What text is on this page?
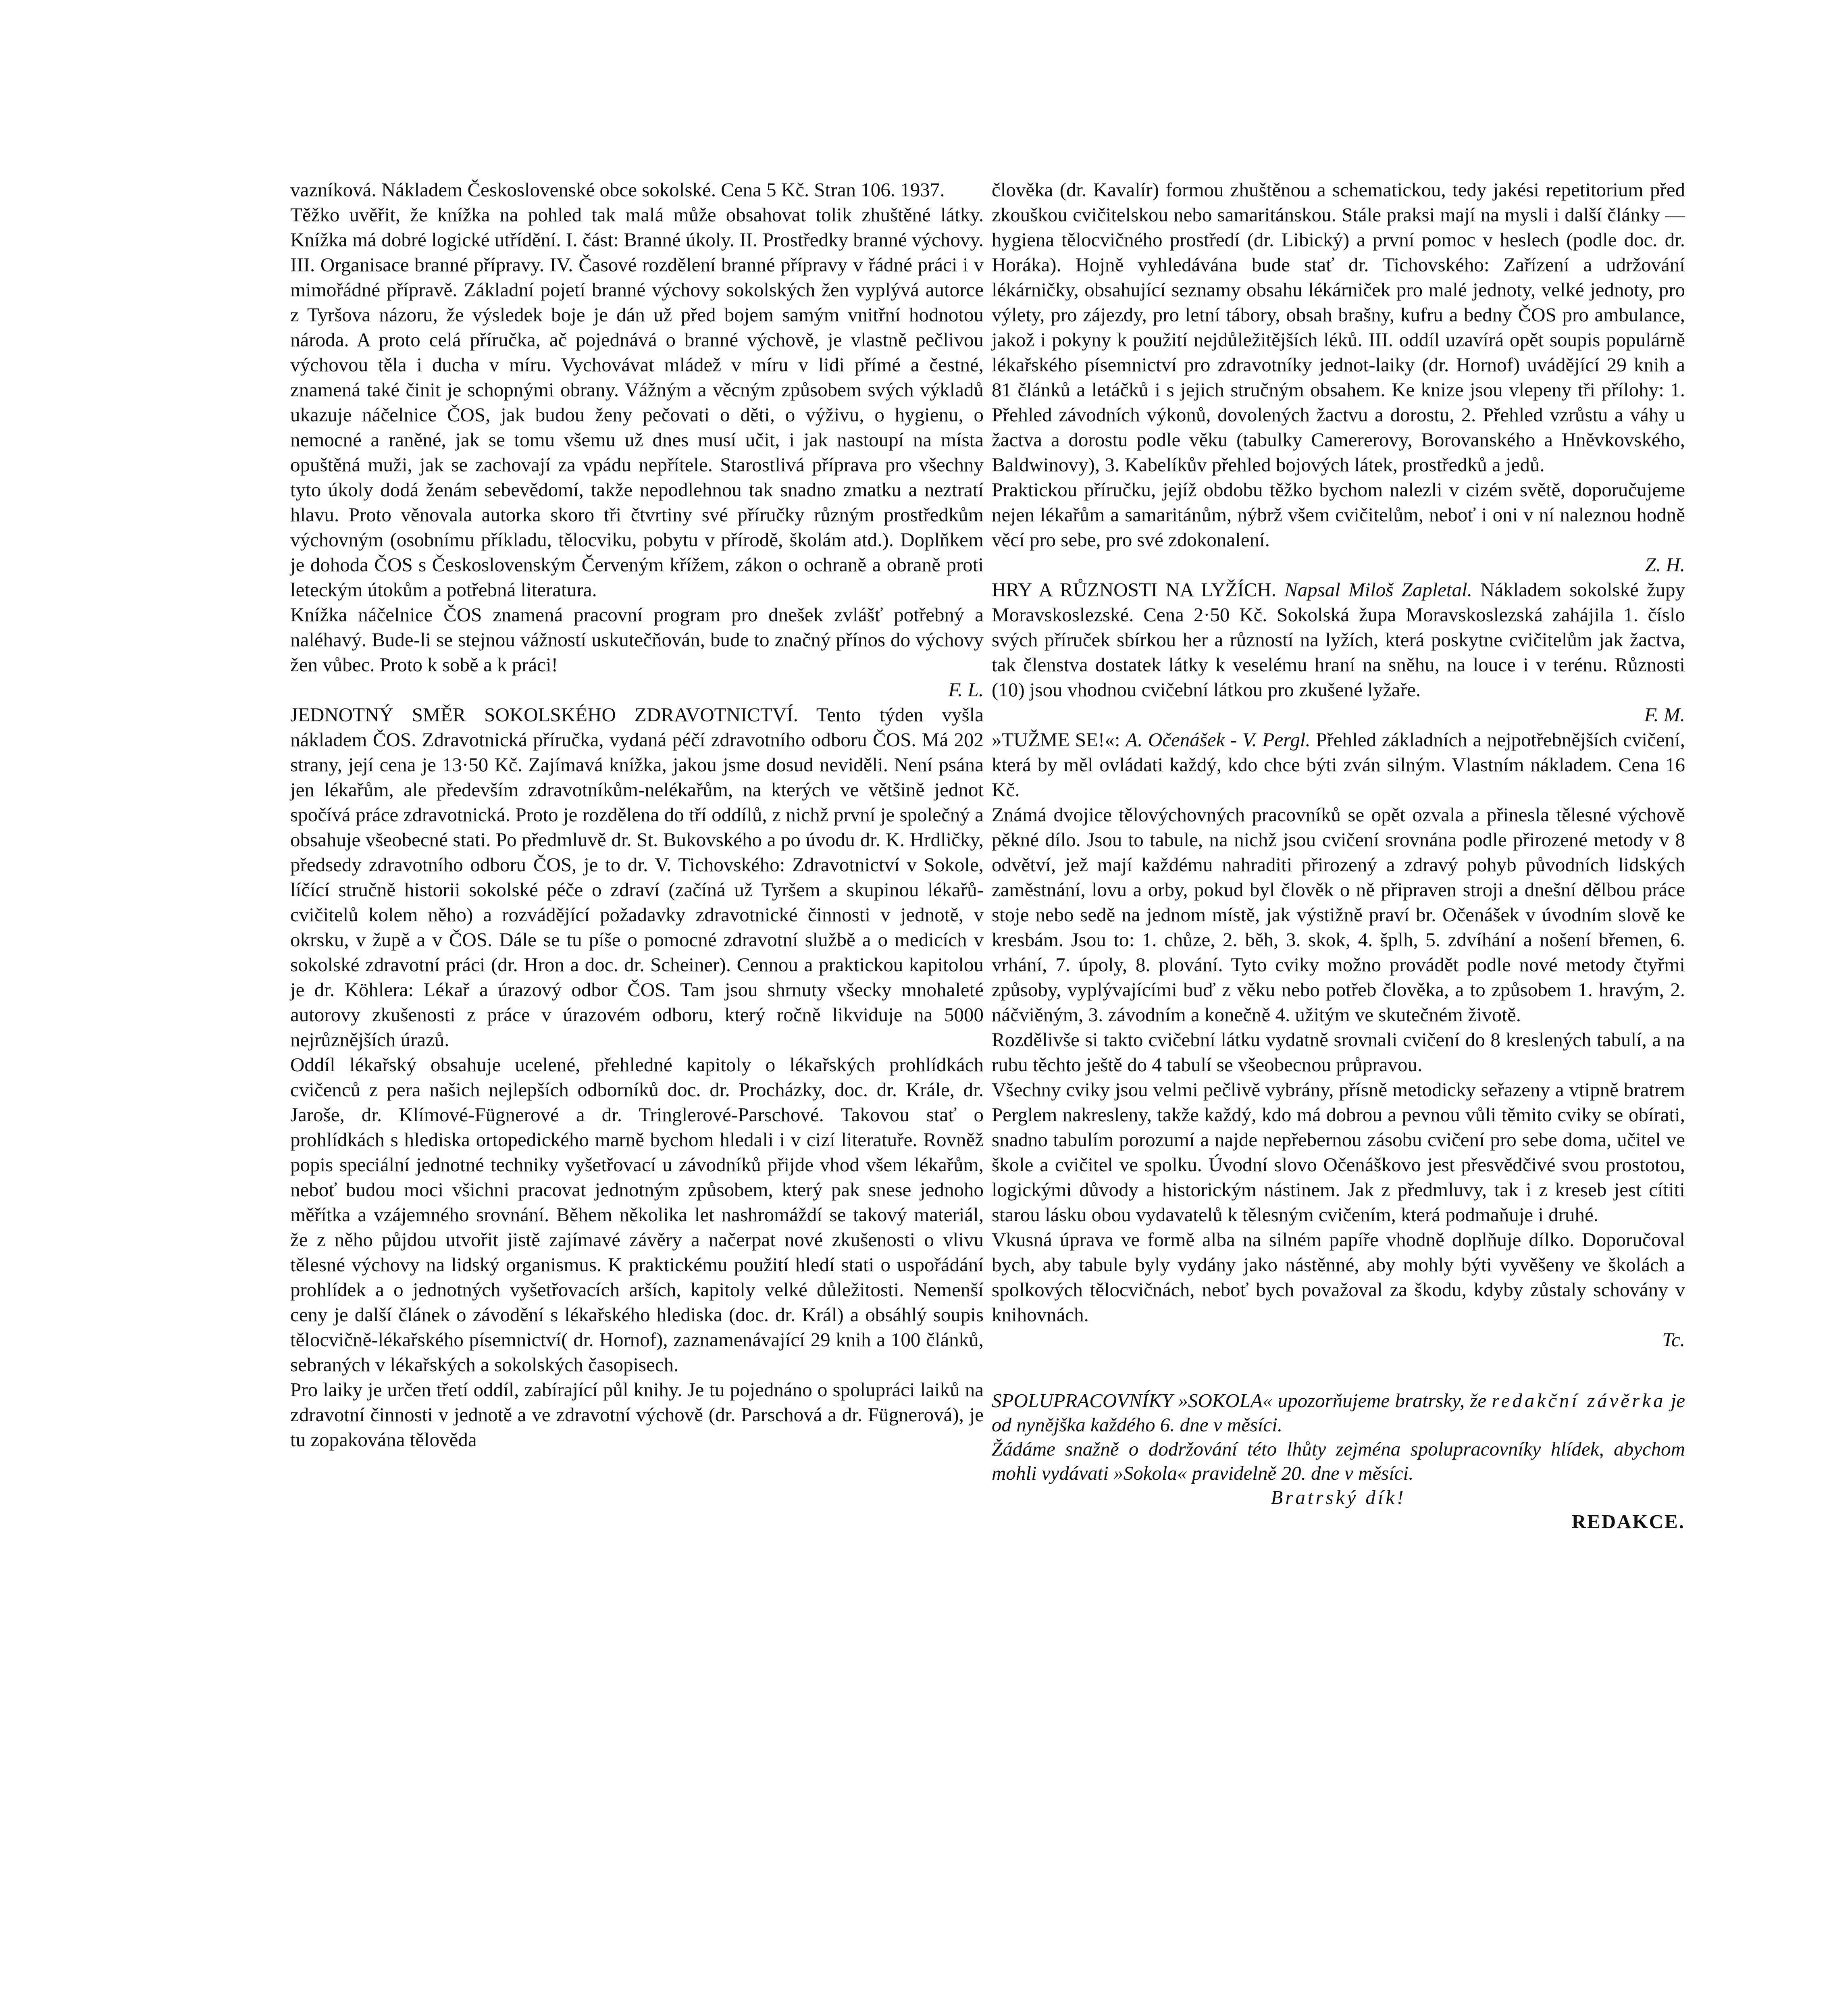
vazníková. Nákladem Československé obce sokolské. Cena 5 Kč. Stran 106. 1937.

Těžko uvěřit, že knížka na pohled tak malá může obsahovat tolik zhuštěné látky. Knížka má dobré logické utřídění. I. část: Branné úkoly. II. Prostředky branné výchovy. III. Organisace branné přípravy. IV. Časové rozdělení branné přípravy v řádné práci i v mimořádné přípravě. Základní pojetí branné výchovy sokolských žen vyplývá autorce z Tyršova názoru, že výsledek boje je dán už před bojem samým vnitřní hodnotou národa. A proto celá příručka, ač pojednává o branné výchově, je vlastně pečlivou výchovou těla i ducha v míru. Vychovávat mládež v míru v lidi přímé a čestné, znamená také činit je schopnými obrany. Vážným a věcným způsobem svých výkladů ukazuje náčelnice ČOS, jak budou ženy pečovati o děti, o výživu, o hygienu, o nemocné a raněné, jak se tomu všemu už dnes musí učit, i jak nastoupí na místa opuštěná muži, jak se zachovají za vpádu nepřítele. Starostlivá příprava pro všechny tyto úkoly dodá ženám sebevědomí, takže nepodlehnou tak snadno zmatku a neztratí hlavu. Proto věnovala autorka skoro tři čtvrtiny své příručky různým prostředkům výchovným (osobnímu příkladu, tělocviku, pobytu v přírodě, školám atd.). Doplňkem je dohoda ČOS s Československým Červeným křížem, zákon o ochraně a obraně proti leteckým útokům a potřebná literatura.

Knížka náčelnice ČOS znamená pracovní program pro dnešek zvlášť potřebný a naléhavý. Bude-li se stejnou vážností uskutečňován, bude to značný přínos do výchovy žen vůbec. Proto k sobě a k práci!

F. L.

JEDNOTNÝ SMĚR SOKOLSKÉHO ZDRAVOTNICTVÍ. Tento týden vyšla nákladem ČOS. Zdravotnická příručka, vydaná péčí zdravotního odboru ČOS. Má 202 strany, její cena je 13·50 Kč. Zajímavá knížka, jakou jsme dosud neviděli. Není psána jen lékařům, ale především zdravotníkům-nelékařům, na kterých ve většině jednot spočívá práce zdravotnická. Proto je rozdělena do tří oddílů, z nichž první je společný a obsahuje všeobecné stati. Po předmluvě dr. St. Bukovského a po úvodu dr. K. Hrdličky, předsedy zdravotního odboru ČOS, je to dr. V. Tichovského: Zdravotnictví v Sokole, líčící stručně historii sokolské péče o zdraví (začíná už Tyršem a skupinou lékařů-cvičitelů kolem něho) a rozvádějící požadavky zdravotnické činnosti v jednotě, v okrsku, v župě a v ČOS. Dále se tu píše o pomocné zdravotní službě a o medicích v sokolské zdravotní práci (dr. Hron a doc. dr. Scheiner). Cennou a praktickou kapitolou je dr. Köhlera: Lékař a úrazový odbor ČOS. Tam jsou shrnuty všecky mnohaleté autorovy zkušenosti z práce v úrazovém odboru, který ročně likviduje na 5000 nejrůznějších úrazů.

Oddíl lékařský obsahuje ucelené, přehledné kapitoly o lékařských prohlídkách cvičenců z pera našich nejlepších odborníků doc. dr. Procházky, doc. dr. Krále, dr. Jaroše, dr. Klímové-Fügnerové a dr. Tringlerové-Parschové. Takovou stať o prohlídkách s hlediska ortopedického marně bychom hledali i v cizí literatuře. Rovněž popis speciální jednotné techniky vyšetřovací u závodníků přijde vhod všem lékařům, neboť budou moci všichni pracovat jednotným způsobem, který pak snese jednoho měřítka a vzájemného srovnání. Během několika let nashromáždí se takový materiál, že z něho půjdou utvořit jistě zajímavé závěry a načerpat nové zkušenosti o vlivu tělesné výchovy na lidský organismus. K praktickému použití hledí stati o uspořádání prohlídek a o jednotných vyšetřovacích arších, kapitoly velké důležitosti. Nemenší ceny je další článek o závodění s lékařského hlediska (doc. dr. Král) a obsáhlý soupis tělocvičně-lékařského písemnictví( dr. Hornof), zaznamenávající 29 knih a 100 článků, sebraných v lékařských a sokolských časopisech.

Pro laiky je určen třetí oddíl, zabírající půl knihy. Je tu pojednáno o spolupráci laiků na zdravotní činnosti v jednotě a ve zdravotní výchově (dr. Parschová a dr. Fügnerová), je tu zopakována tělověda

člověka (dr. Kavalír) formou zhuštěnou a schematickou, tedy jakési repetitorium před zkouškou cvičitelskou nebo samaritánskou. Stále praksi mají na mysli i další články — hygiena tělocvičného prostředí (dr. Libický) a první pomoc v heslech (podle doc. dr. Horáka). Hojně vyhledávána bude stať dr. Tichovského: Zařízení a udržování lékárničky, obsahující seznamy obsahu lékárniček pro malé jednoty, velké jednoty, pro výlety, pro zájezdy, pro letní tábory, obsah brašny, kufru a bedny ČOS pro ambulance, jakož i pokyny k použití nejdůležitějších léků. III. oddíl uzavírá opět soupis populárně lékařského písemnictví pro zdravotníky jednot-laiky (dr. Hornof) uvádějící 29 knih a 81 článků a letáčků i s jejich stručným obsahem. Ke knize jsou vlepeny tři přílohy: 1. Přehled závodních výkonů, dovolených žactvu a dorostu, 2. Přehled vzrůstu a váhy u žactva a dorostu podle věku (tabulky Camererovy, Borovanského a Hněvkovského, Baldwinovy), 3. Kabelíkův přehled bojových látek, prostředků a jedů.

Praktickou příručku, jejíž obdobu těžko bychom nalezli v cizém světě, doporučujeme nejen lékařům a samaritánům, nýbrž všem cvičitelům, neboť i oni v ní naleznou hodně věcí pro sebe, pro své zdokonalení.

Z. H.

HRY A RŮZNOSTI NA LYŽÍCH. Napsal Miloš Zapletal. Nákladem sokolské župy Moravskoslezské. Cena 2·50 Kč. Sokolská župa Moravskoslezská zahájila 1. číslo svých příruček sbírkou her a růzností na lyžích, která poskytne cvičitelům jak žactva, tak členstva dostatek látky k veselému hraní na sněhu, na louce i v terénu. Různosti (10) jsou vhodnou cvičební látkou pro zkušené lyžaře.

F. M.

»TUŽME SE!«: A. Očenášek - V. Pergl. Přehled základních a nejpotřebnějších cvičení, která by měl ovládati každý, kdo chce býti zván silným. Vlastním nákladem. Cena 16 Kč.

Známá dvojice tělovýchovných pracovníků se opět ozvala a přinesla tělesné výchově pěkné dílo. Jsou to tabule, na nichž jsou cvičení srovnána podle přirozené metody v 8 odvětví, jež mají každému nahraditi přirozený a zdravý pohyb původních lidských zaměstnání, lovu a orby, pokud byl člověk o ně připraven stroji a dnešní dělbou práce stoje nebo sedě na jednom místě, jak výstižně praví br. Očenášek v úvodním slově ke kresbám. Jsou to: 1. chůze, 2. běh, 3. skok, 4. šplh, 5. zdvíhání a nošení břemen, 6. vrhání, 7. úpoly, 8. plování. Tyto cviky možno provádět podle nové metody čtyřmi způsoby, vyplývajícími buď z věku nebo potřeb člověka, a to způsobem 1. hravým, 2. náčviěným, 3. závodním a konečně 4. užitým ve skutečném životě.

Rozdělivše si takto cvičební látku vydatně srovnali cvičení do 8 kreslených tabulí, a na rubu těchto ještě do 4 tabulí se všeobecnou průpravou.

Všechny cviky jsou velmi pečlivě vybrány, přísně metodicky seřazeny a vtipně bratrem Perglem nakresleny, takže každý, kdo má dobrou a pevnou vůli těmito cviky se obírati, snadno tabulím porozumí a najde nepřebernou zásobu cvičení pro sebe doma, učitel ve škole a cvičitel ve spolku. Úvodní slovo Očenáškovo jest přesvědčivé svou prostotou, logickými důvody a historickým nástinem. Jak z předmluvy, tak i z kreseb jest cítiti starou lásku obou vydavatelů k tělesným cvičením, která podmaňuje i druhé.

Vkusná úprava ve formě alba na silném papíře vhodně doplňuje dílko. Doporučoval bych, aby tabule byly vydány jako nástěnné, aby mohly býti vyvěšeny ve školách a spolkových tělocvičnách, neboť bych považoval za škodu, kdyby zůstaly schovány v knihovnách.

Tc.

SPOLUPRACOVNÍKY »SOKOLA« upozorňujeme bratrsky, že redakční závěrka je od nynějška každého 6. dne v měsíci.
Žádáme snažně o dodržování této lhůty zejména spolupracovníky hlídek, abychom mohli vydávati »Sokola« pravidelně 20. dne v měsíci.
Bratrský dík!
REDAKCE.
